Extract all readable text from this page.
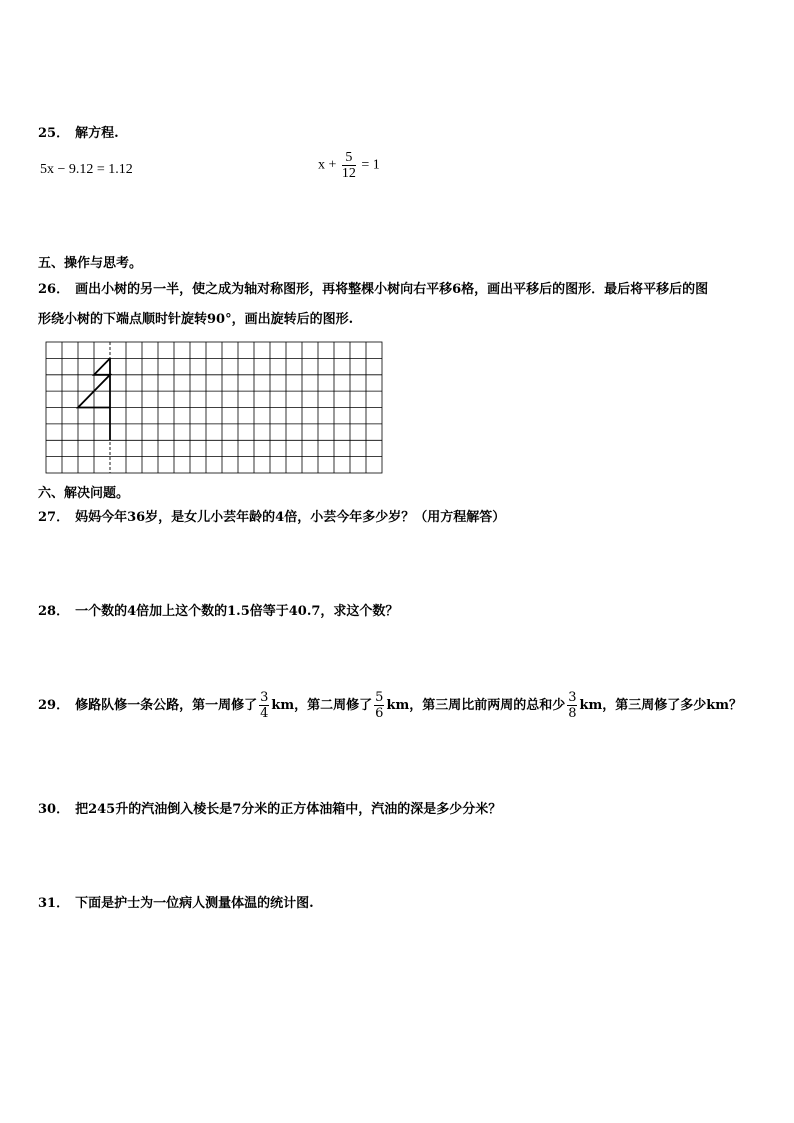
25． 解方程.
5x − 9.12 = 1.12	$x + \frac{5}{12} = 1$
五、操作与思考。
26． 画出小树的另一半，使之成为轴对称图形，再将整棵小树向右平移6格，画出平移后的图形．最后将平移后的图
形绕小树的下端点顺时针旋转90°，画出旋转后的图形.
六、解决问题。
27． 妈妈今年36岁，是女儿小芸年龄的4倍，小芸今年多少岁？（用方程解答）
28． 一个数的4倍加上这个数的1.5倍等于40.7，求这个数？
29． 修路队修一条公路，第一周修了 $\frac{3}{4}$ km，第二周修了 $\frac{5}{6}$ km，第三周比前两周的总和少 $\frac{3}{8}$ km，第三周修了多少km？
30． 把245升的汽油倒入棱长是7分米的正方体油箱中，汽油的深是多少分米？
31． 下面是护士为一位病人测量体温的统计图.
